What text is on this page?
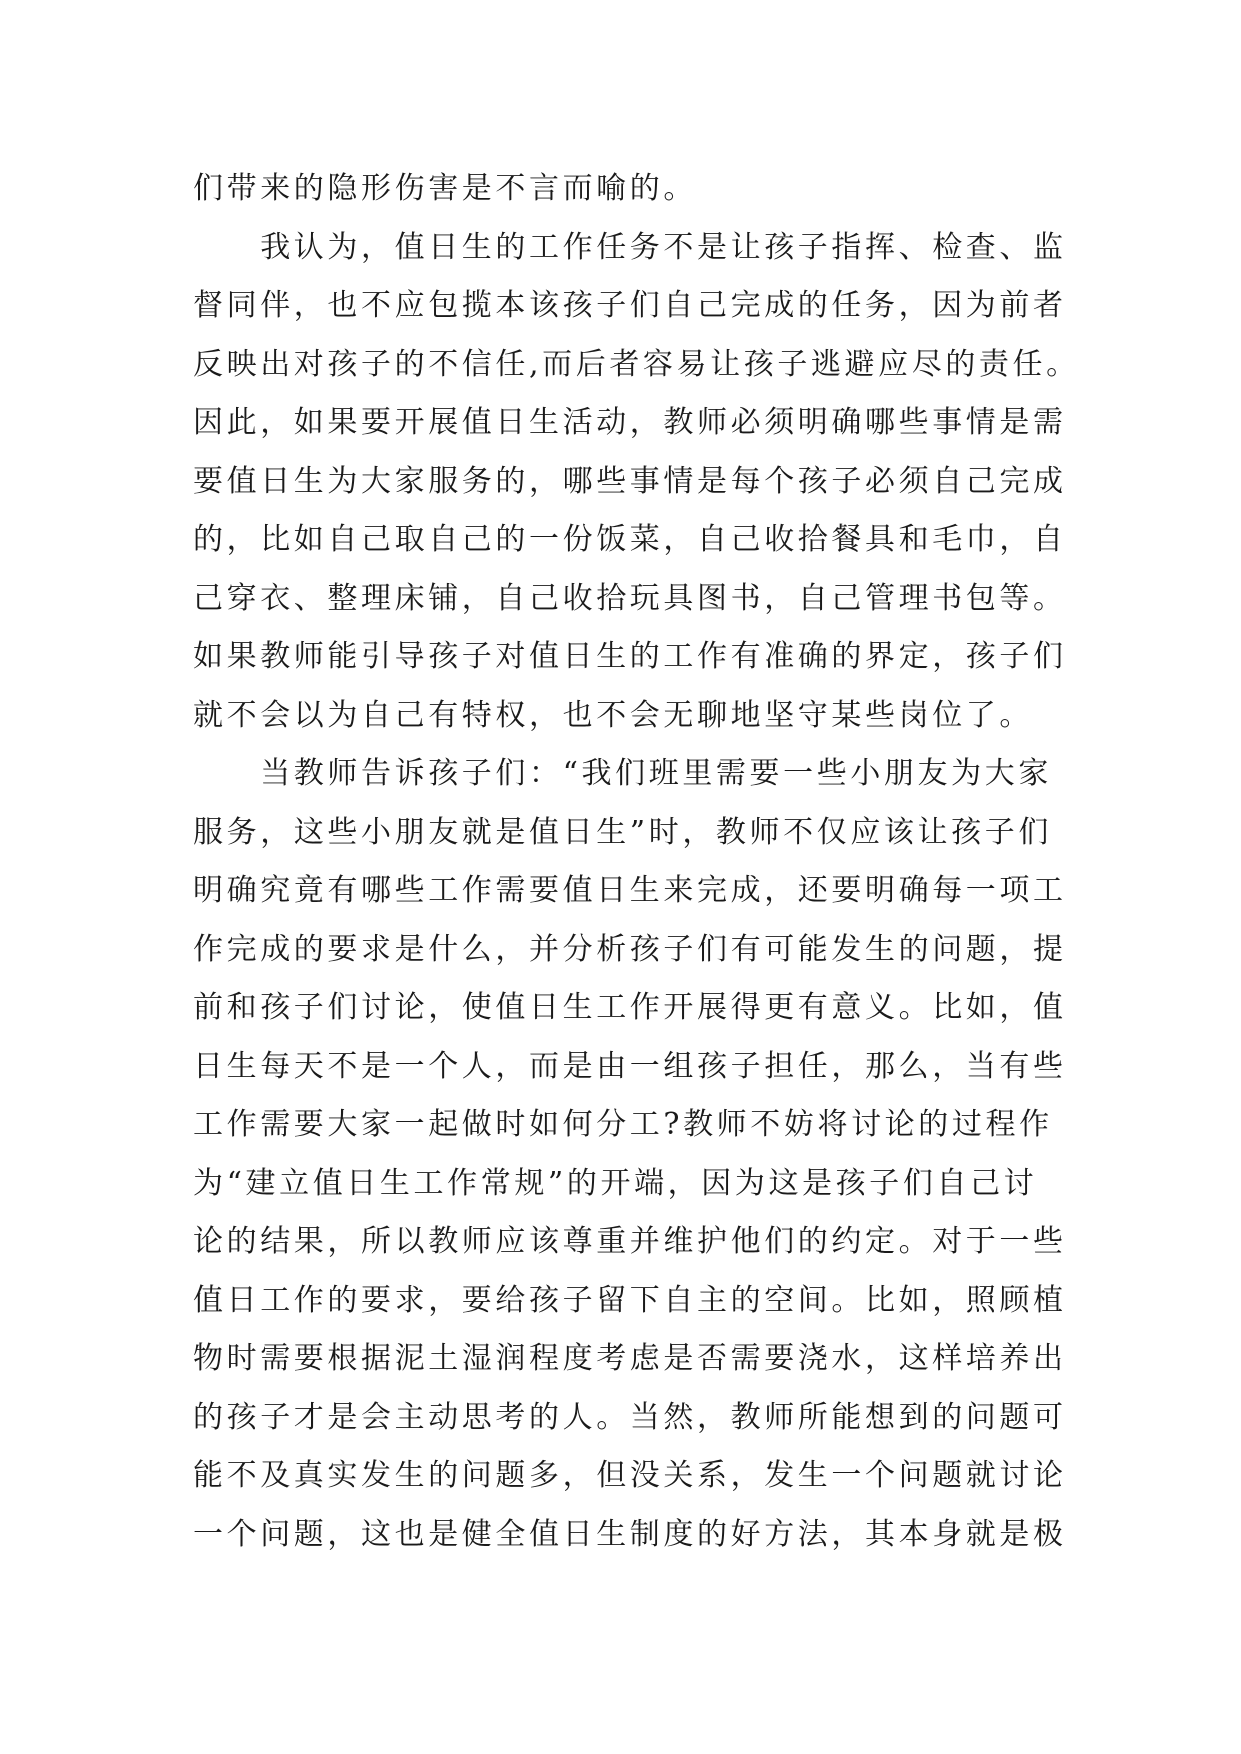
们带来的隐形伤害是不言而喻的。
　　我认为，值日生的工作任务不是让孩子指挥、检查、监
督同伴，也不应包揽本该孩子们自己完成的任务，因为前者
反映出对孩子的不信任,而后者容易让孩子逃避应尽的责任。
因此，如果要开展值日生活动，教师必须明确哪些事情是需
要值日生为大家服务的，哪些事情是每个孩子必须自己完成
的，比如自己取自己的一份饭菜，自己收拾餐具和毛巾，自
己穿衣、整理床铺，自己收拾玩具图书，自己管理书包等。
如果教师能引导孩子对值日生的工作有准确的界定，孩子们
就不会以为自己有特权，也不会无聊地坚守某些岗位了。
　　当教师告诉孩子们：“我们班里需要一些小朋友为大家
服务，这些小朋友就是值日生”时，教师不仅应该让孩子们
明确究竟有哪些工作需要值日生来完成，还要明确每一项工
作完成的要求是什么，并分析孩子们有可能发生的问题，提
前和孩子们讨论，使值日生工作开展得更有意义。比如，值
日生每天不是一个人，而是由一组孩子担任，那么，当有些
工作需要大家一起做时如何分工?教师不妨将讨论的过程作
为“建立值日生工作常规”的开端，因为这是孩子们自己讨
论的结果，所以教师应该尊重并维护他们的约定。对于一些
值日工作的要求，要给孩子留下自主的空间。比如，照顾植
物时需要根据泥土湿润程度考虑是否需要浇水，这样培养出
的孩子才是会主动思考的人。当然，教师所能想到的问题可
能不及真实发生的问题多，但没关系，发生一个问题就讨论
一个问题，这也是健全值日生制度的好方法，其本身就是极
